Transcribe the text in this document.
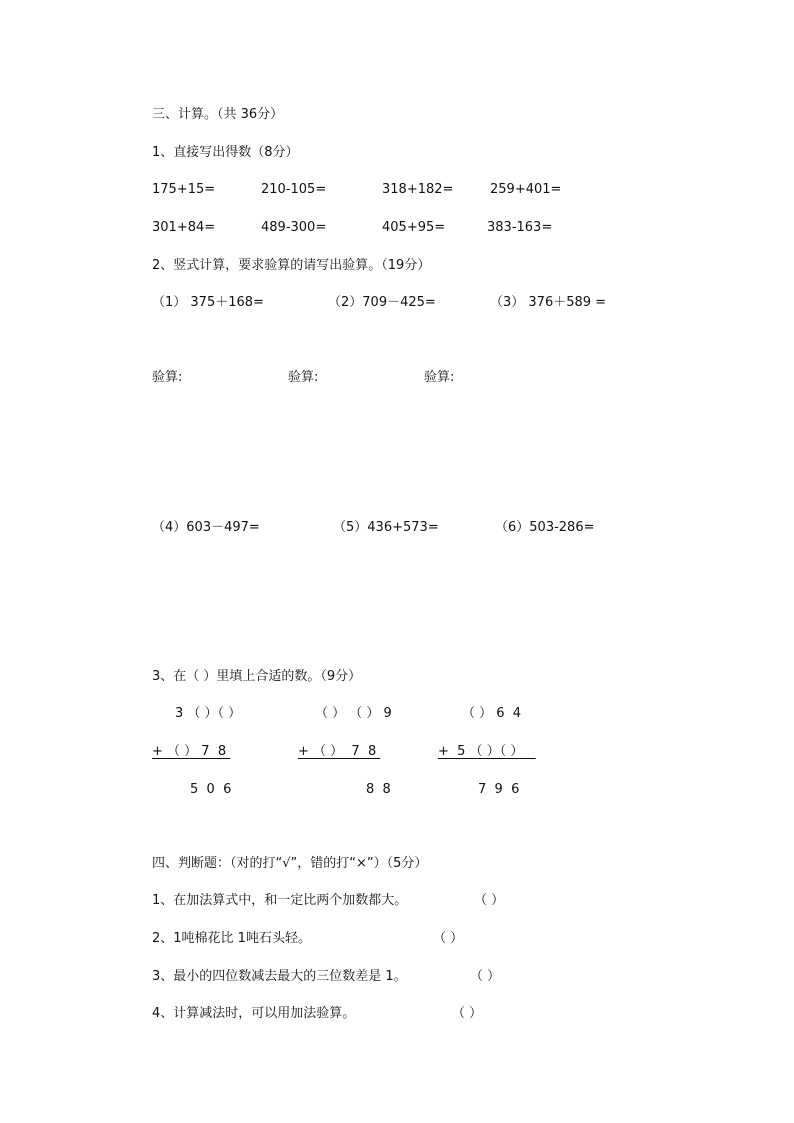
三、计算。（共 36分）
1、直接写出得数（8分）
175+15=	210-105=	318+182=	259+401=
301+84=	489-300=	405+95=	383-163=
2、竖式计算，要求验算的请写出验算。（19分）
（1） 375＋168=	（2）709－425=	（3） 376＋589 =
验算:	验算:	验算:
（4）603－497=	（5）436+573=	（6）503-286=
3、在（ ）里填上合适的数。（9分）
3 （ ）（ ）
+ （ ） 7  8
5  0  6
（ ） （ ） 9
+ （ ）  7  8
8  8
（ ） 6  4
+  5 （ ）（ ）
7  9  6
四、判断题：（对的打“√”，错的打“×”）（5分）
1、在加法算式中，和一定比两个加数都大。	（ ）
2、1吨棉花比 1吨石头轻。	（ ）
3、最小的四位数减去最大的三位数差是 1。	（ ）
4、计算减法时，可以用加法验算。	（ ）
